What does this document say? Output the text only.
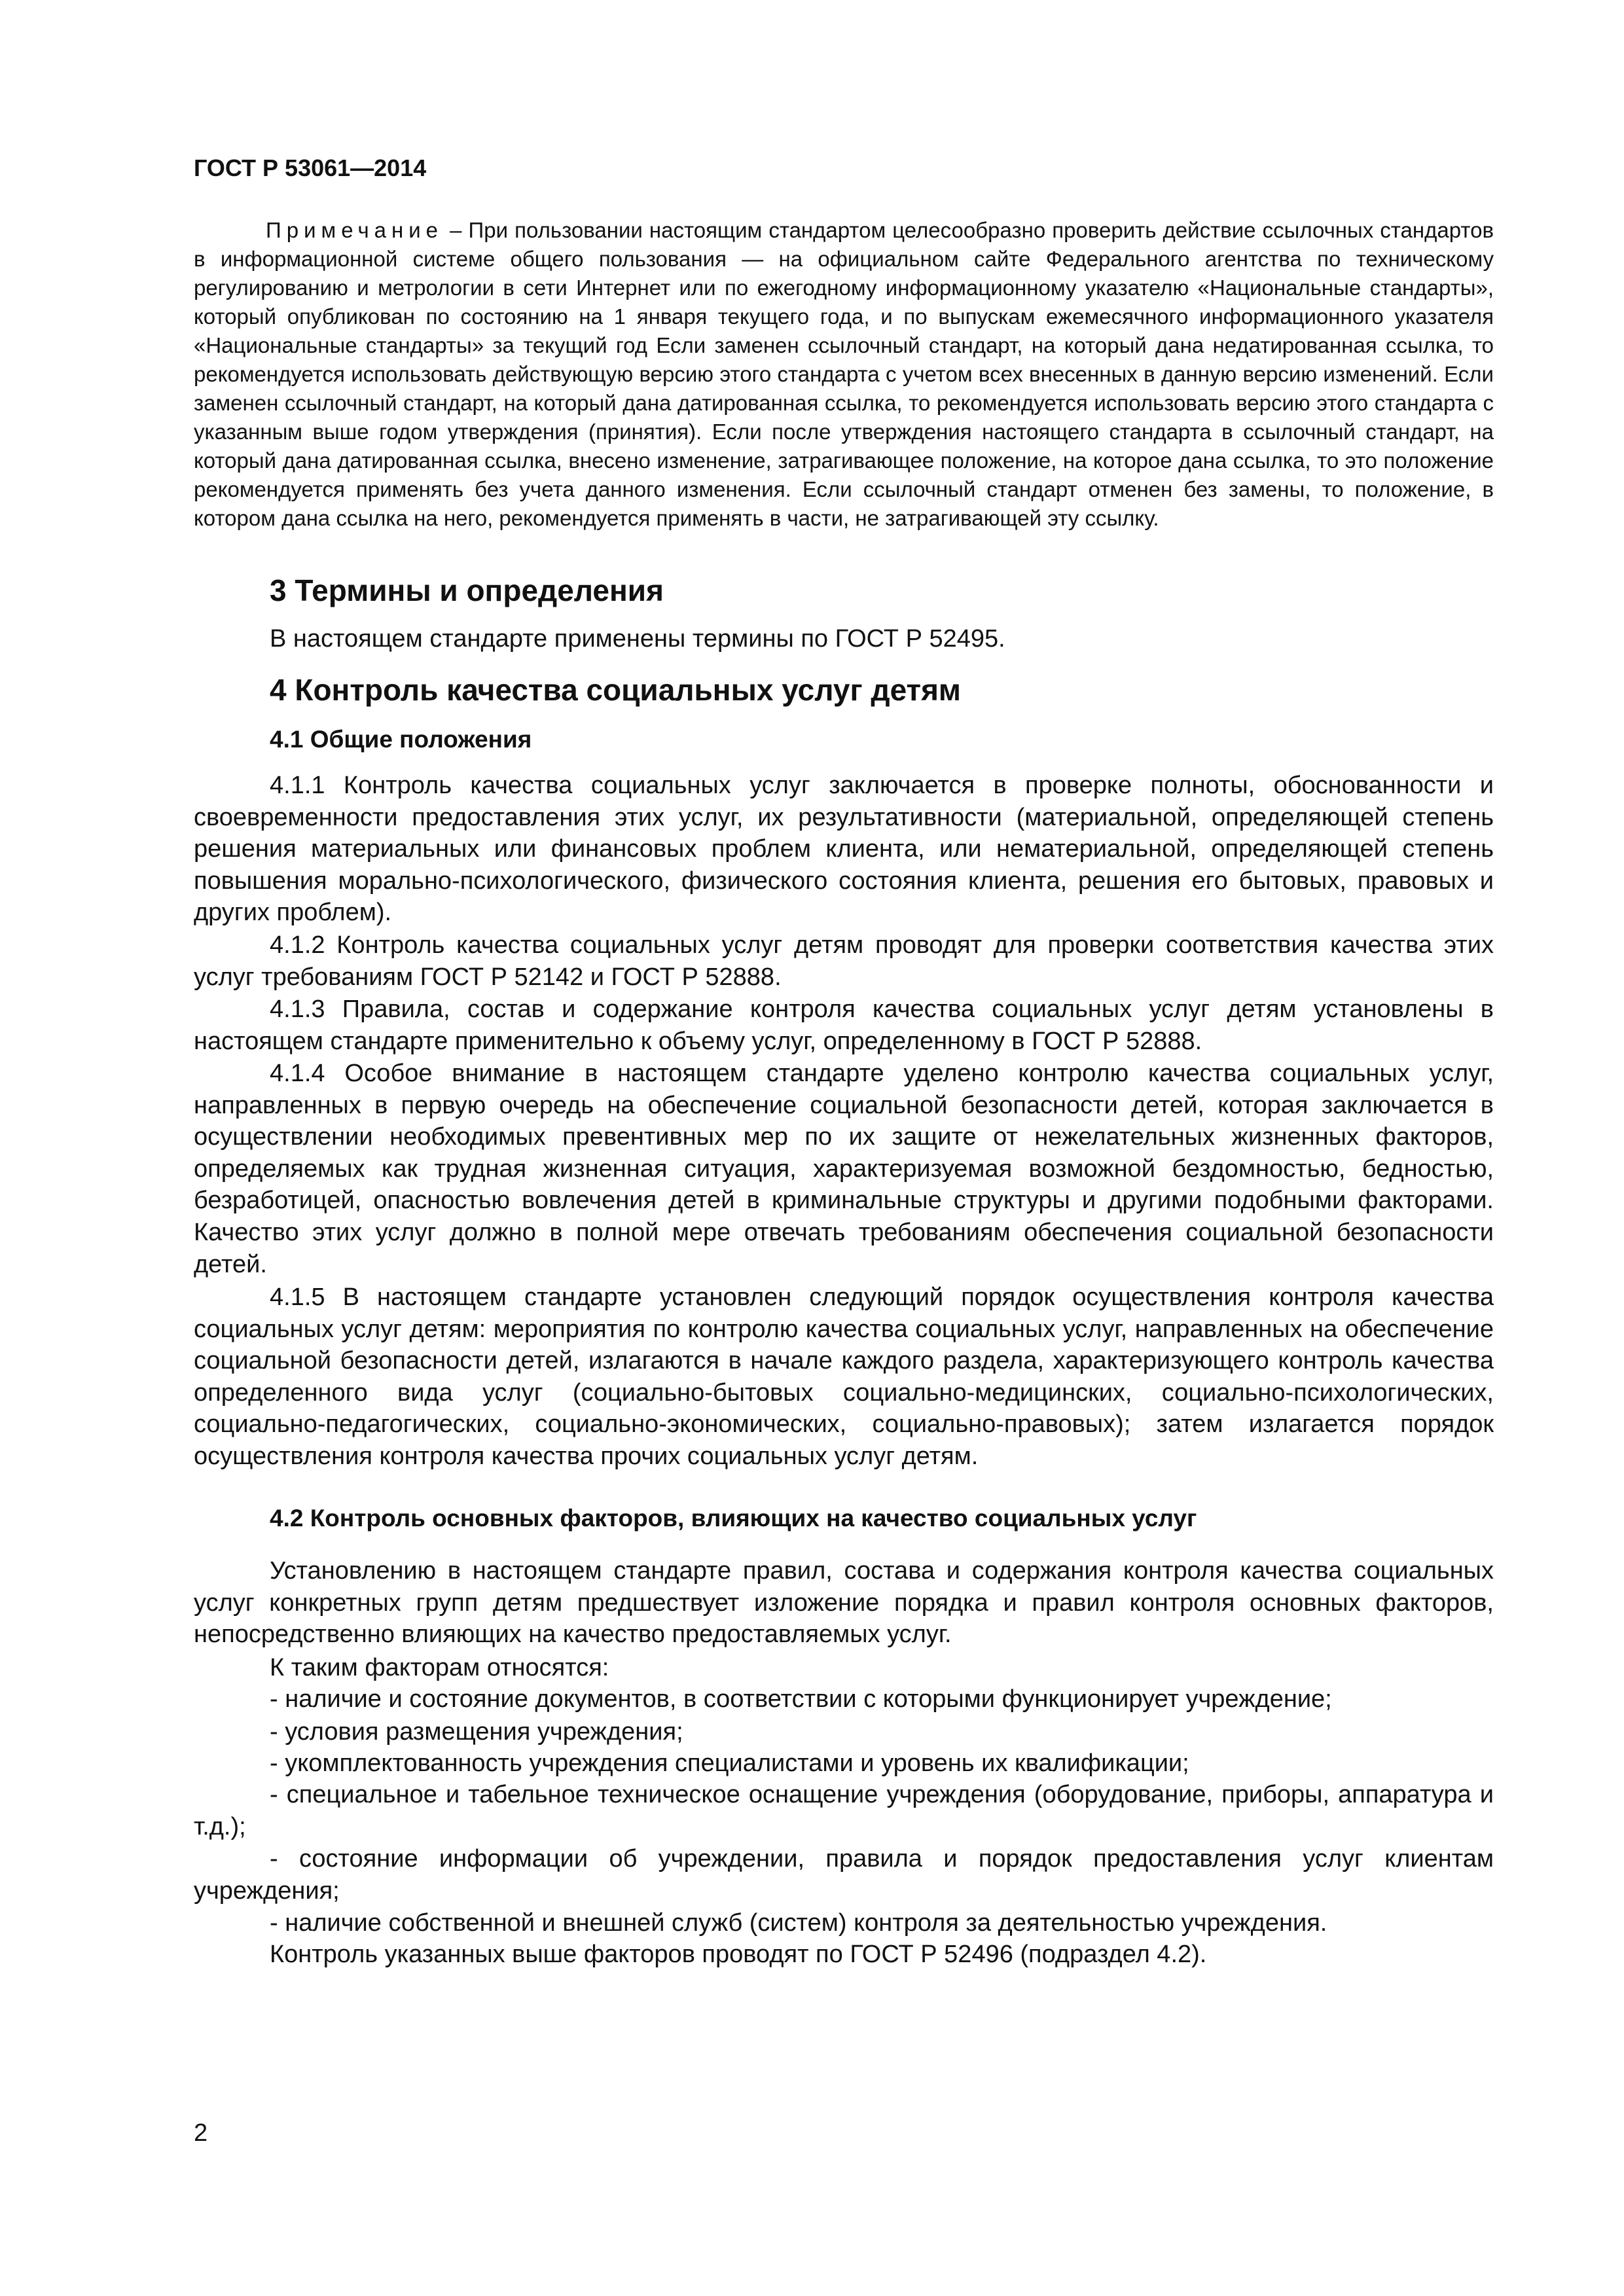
ГОСТ Р 53061—2014

Примечание – При пользовании настоящим стандартом целесообразно проверить действие ссылочных стандартов в информационной системе общего пользования — на официальном сайте Федерального агентства по техническому регулированию и метрологии в сети Интернет или по ежегодному информационному указателю «Национальные стандарты», который опубликован по состоянию на 1 января текущего года, и по выпускам ежемесячного информационного указателя «Национальные стандарты» за текущий год Если заменен ссылочный стандарт, на который дана недатированная ссылка, то рекомендуется использовать действующую версию этого стандарта с учетом всех внесенных в данную версию изменений. Если заменен ссылочный стандарт, на который дана датированная ссылка, то рекомендуется использовать версию этого стандарта с указанным выше годом утверждения (принятия). Если после утверждения настоящего стандарта в ссылочный стандарт, на который дана датированная ссылка, внесено изменение, затрагивающее положение, на которое дана ссылка, то это положение рекомендуется применять без учета данного изменения. Если ссылочный стандарт отменен без замены, то положение, в котором дана ссылка на него, рекомендуется применять в части, не затрагивающей эту ссылку.

3 Термины и определения

В настоящем стандарте применены термины по ГОСТ Р 52495.

4 Контроль качества социальных услуг детям
4.1 Общие положения

4.1.1 Контроль качества социальных услуг заключается в проверке полноты, обоснованности и своевременности предоставления этих услуг, их результативности (материальной, определяющей степень решения материальных или финансовых проблем клиента, или нематериальной, определяющей степень повышения морально-психологического, физического состояния клиента, решения его бытовых, правовых и других проблем).

4.1.2 Контроль качества социальных услуг детям проводят для проверки соответствия качества этих услуг требованиям ГОСТ Р 52142 и ГОСТ Р 52888.

4.1.3 Правила, состав и содержание контроля качества социальных услуг детям установлены в настоящем стандарте применительно к объему услуг, определенному в ГОСТ Р 52888.

4.1.4 Особое внимание в настоящем стандарте уделено контролю качества социальных услуг, направленных в первую очередь на обеспечение социальной безопасности детей, которая заключается в осуществлении необходимых превентивных мер по их защите от нежелательных жизненных факторов, определяемых как трудная жизненная ситуация, характеризуемая возможной бездомностью, бедностью, безработицей, опасностью вовлечения детей в криминальные структуры и другими подобными факторами. Качество этих услуг должно в полной мере отвечать требованиям обеспечения социальной безопасности детей.

4.1.5 В настоящем стандарте установлен следующий порядок осуществления контроля качества социальных услуг детям: мероприятия по контролю качества социальных услуг, направленных на обеспечение социальной безопасности детей, излагаются в начале каждого раздела, характеризующего контроль качества определенного вида услуг (социально-бытовых социально-медицинских, социально-психологических, социально-педагогических, социально-экономических, социально-правовых); затем излагается порядок осуществления контроля качества прочих социальных услуг детям.

4.2 Контроль основных факторов, влияющих на качество социальных услуг

Установлению в настоящем стандарте правил, состава и содержания контроля качества социальных услуг конкретных групп детям предшествует изложение порядка и правил контроля основных факторов, непосредственно влияющих на качество предоставляемых услуг.

К таким факторам относятся:

- наличие и состояние документов, в соответствии с которыми функционирует учреждение;

- условия размещения учреждения;

- укомплектованность учреждения специалистами и уровень их квалификации;

- специальное и табельное техническое оснащение учреждения (оборудование, приборы, аппаратура и т.д.);

- состояние информации об учреждении, правила и порядок предоставления услуг клиентам учреждения;

- наличие собственной и внешней служб (систем) контроля за деятельностью учреждения.

Контроль указанных выше факторов проводят по ГОСТ Р 52496 (подраздел 4.2).

2
